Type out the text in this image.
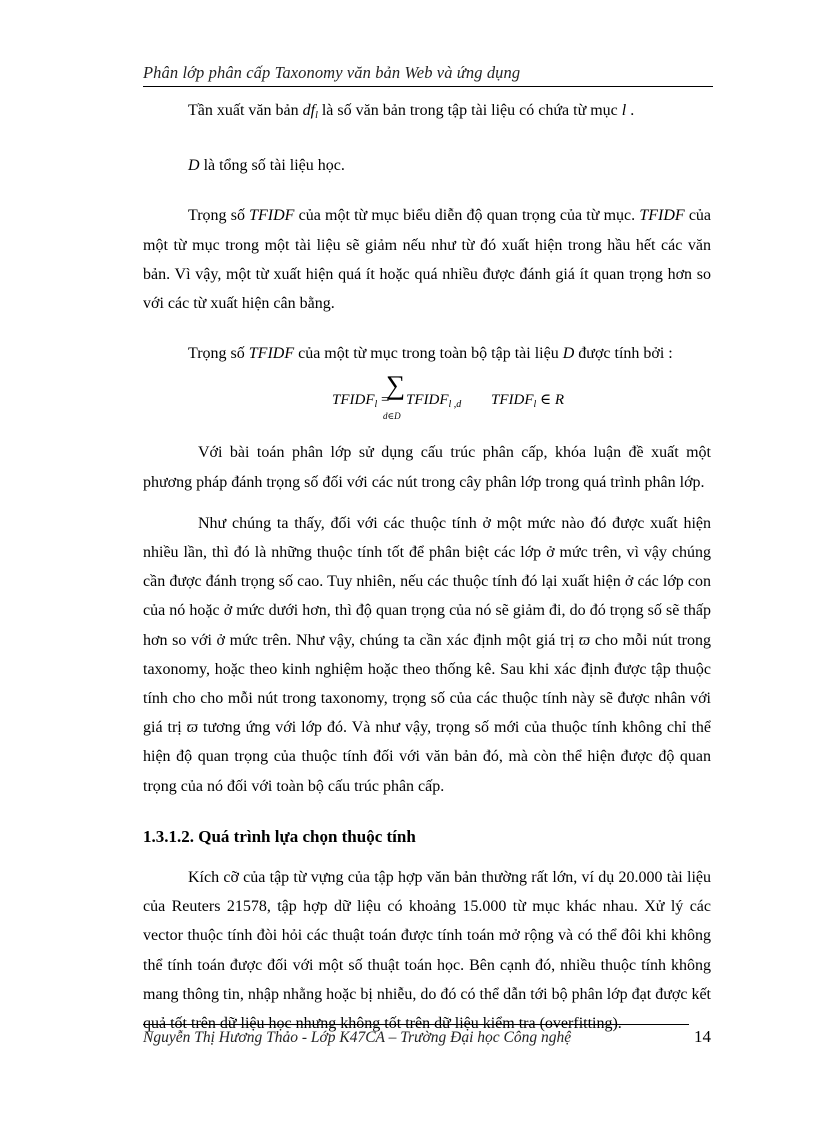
Phân lớp phân cấp Taxonomy văn bản Web và ứng dụng

Tần xuất văn bản $df_l$ là số văn bản trong tập tài liệu có chứa từ mục l .

D là tổng số tài liệu học.

Trọng số TFIDF của một từ mục biểu diễn độ quan trọng của từ mục. TFIDF của một từ mục trong một tài liệu sẽ giảm nếu như từ đó xuất hiện trong hầu hết các văn bản. Vì vậy, một từ xuất hiện quá ít hoặc quá nhiều được đánh giá ít quan trọng hơn so với các từ xuất hiện cân bằng.

Trọng số TFIDF của một từ mục trong toàn bộ tập tài liệu D được tính bởi :

$TFIDF_l$ =
∑
d∈D
$TFIDF_{l ,d}$ $TFIDF_l$ ∈ R

Với bài toán phân lớp sử dụng cấu trúc phân cấp, khóa luận đề xuất một phương pháp đánh trọng số đối với các nút trong cây phân lớp trong quá trình phân lớp.

Như chúng ta thấy, đối với các thuộc tính ở một mức nào đó được xuất hiện nhiều lần, thì đó là những thuộc tính tốt để phân biệt các lớp ở mức trên, vì vậy chúng cần được đánh trọng số cao. Tuy nhiên, nếu các thuộc tính đó lại xuất hiện ở các lớp con của nó hoặc ở mức dưới hơn, thì độ quan trọng của nó sẽ giảm đi, do đó trọng số sẽ thấp hơn so với ở mức trên. Như vậy, chúng ta cần xác định một giá trị ϖ cho mỗi nút trong taxonomy, hoặc theo kinh nghiệm hoặc theo thống kê. Sau khi xác định được tập thuộc tính cho cho mỗi nút trong taxonomy, trọng số của các thuộc tính này sẽ được nhân với giá trị ϖ tương ứng với lớp đó. Và như vậy, trọng số mới của thuộc tính không chỉ thể hiện độ quan trọng của thuộc tính đối với văn bản đó, mà còn thể hiện được độ quan trọng của nó đối với toàn bộ cấu trúc phân cấp.

1.3.1.2. Quá trình lựa chọn thuộc tính

Kích cỡ của tập từ vựng của tập hợp văn bản thường rất lớn, ví dụ 20.000 tài liệu của Reuters 21578, tập hợp dữ liệu có khoảng 15.000 từ mục khác nhau. Xử lý các vector thuộc tính đòi hỏi các thuật toán được tính toán mở rộng và có thể đôi khi không thể tính toán được đối với một số thuật toán học. Bên cạnh đó, nhiều thuộc tính không mang thông tin, nhập nhằng hoặc bị nhiễu, do đó có thể dẫn tới bộ phân lớp đạt được kết quả tốt trên dữ liệu học nhưng không tốt trên dữ liệu kiểm tra (overfitting).

Nguyễn Thị Hương Thảo - Lớp K47CA – Trường Đại học Công nghệ	14
